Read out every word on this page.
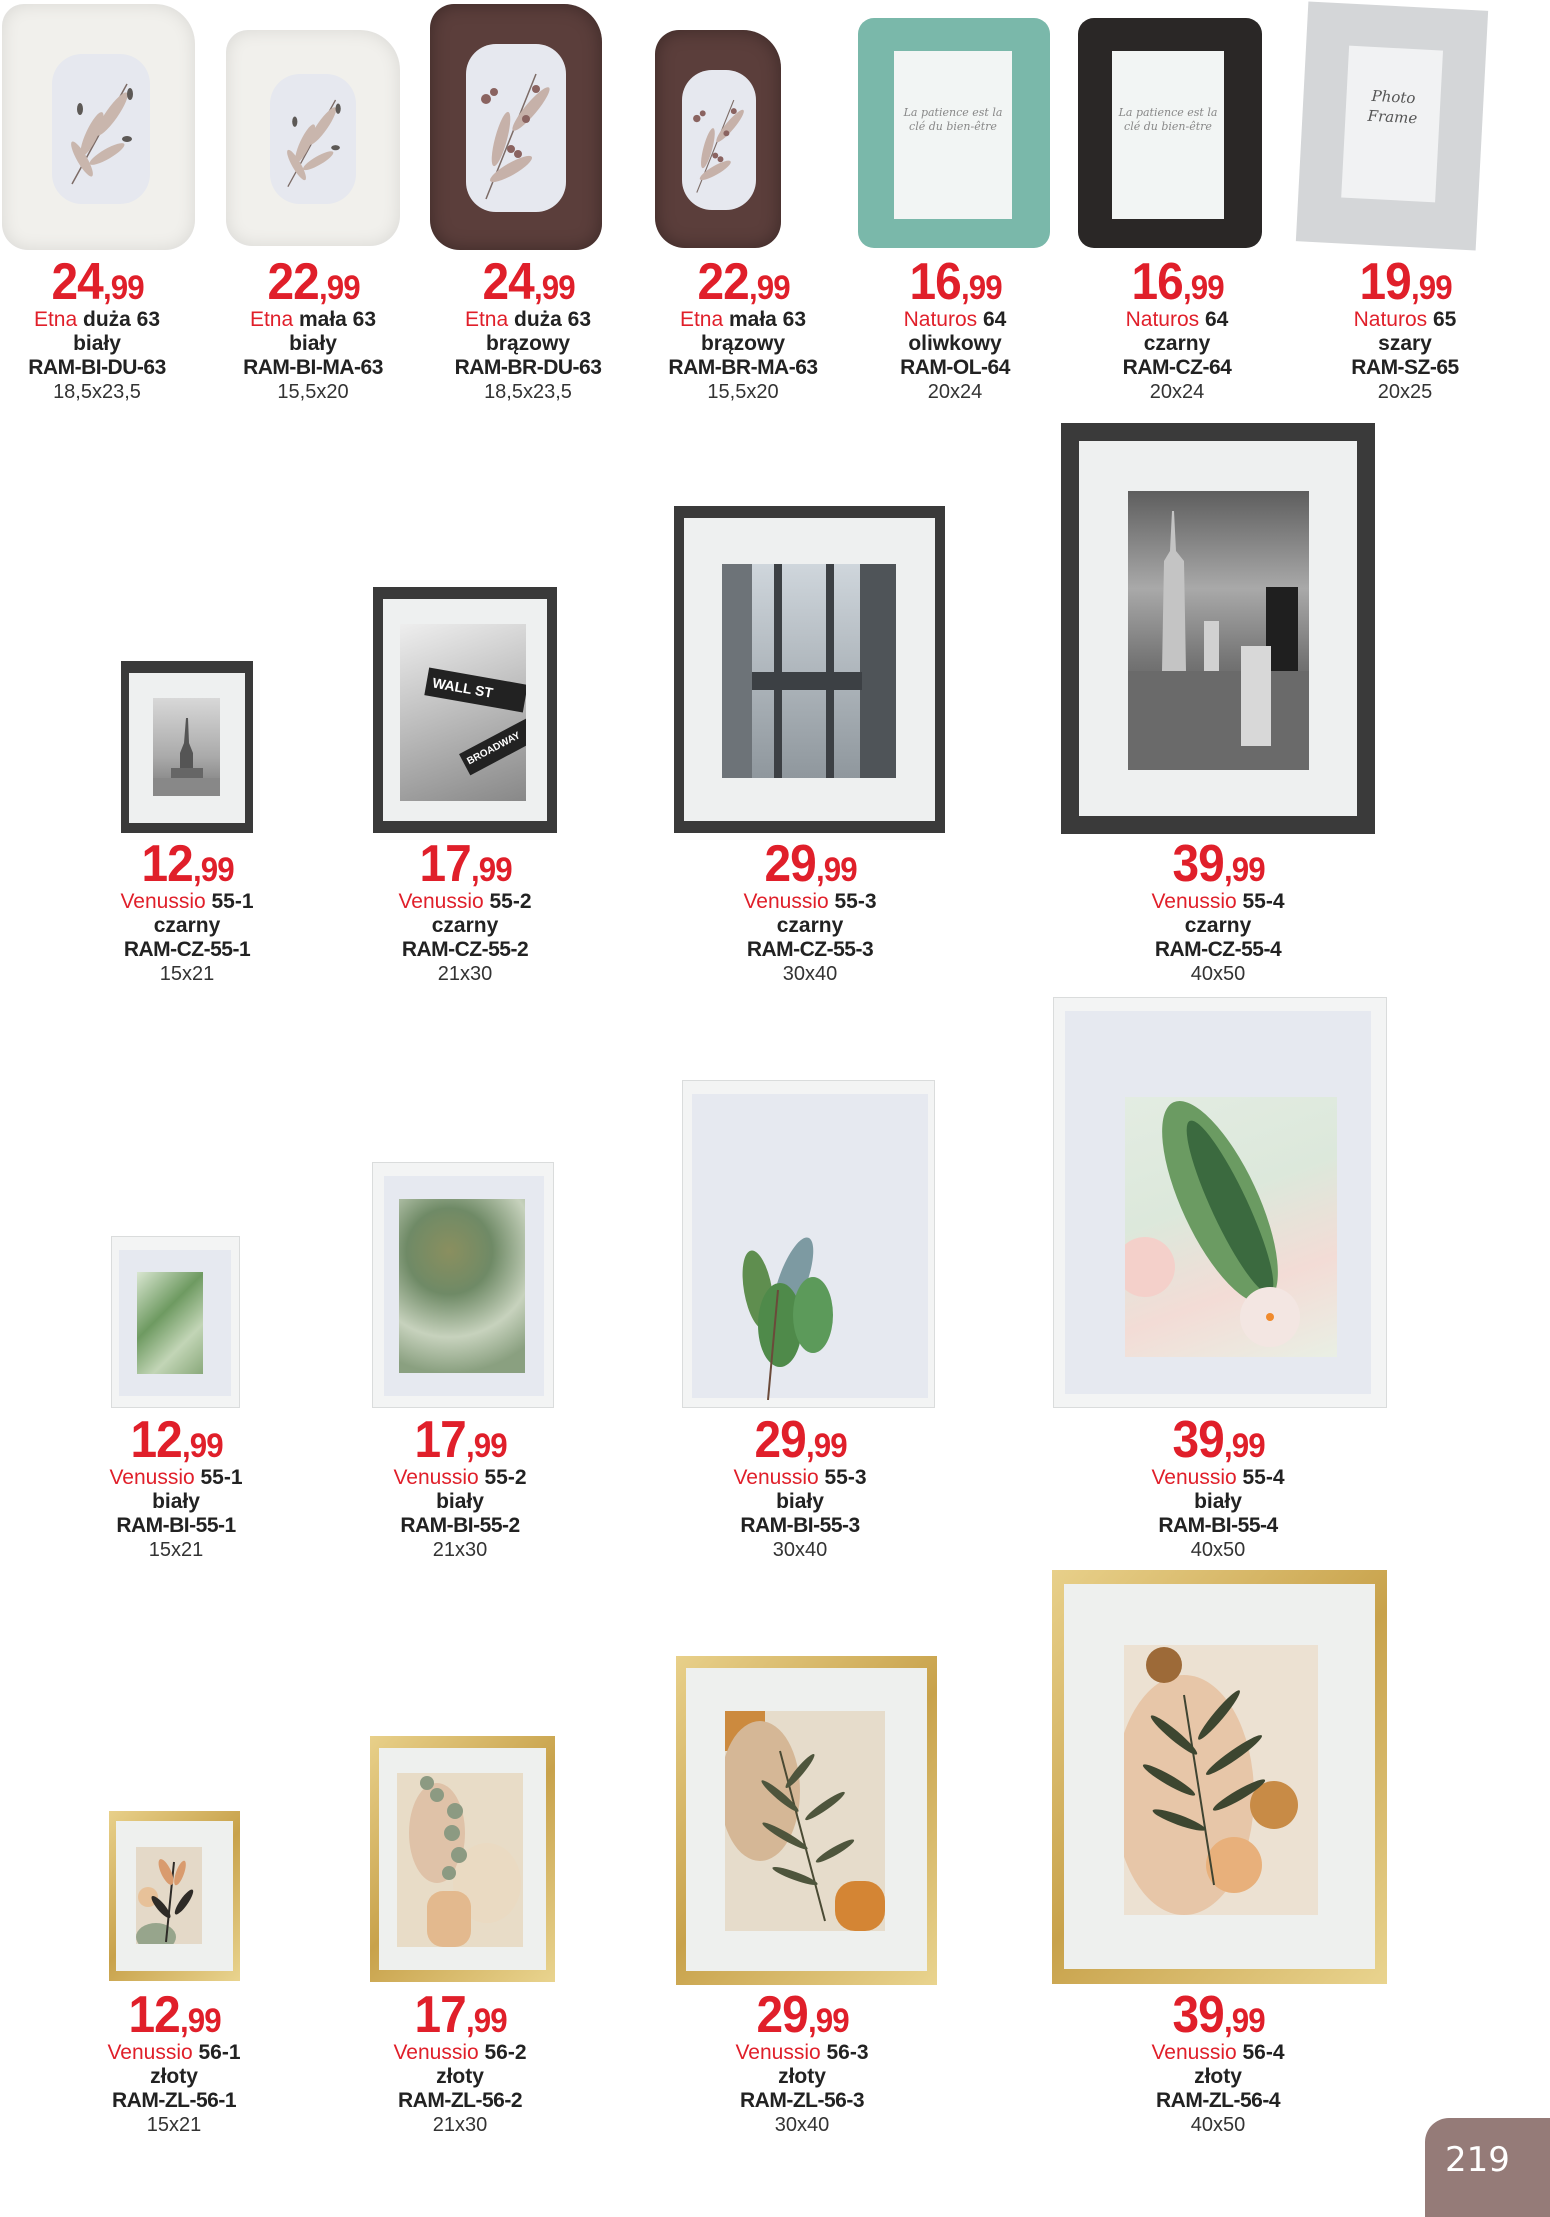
La patience est la clé du bien-être
La patience est la clé du bien-être
Photo Frame
WALL ST
BROADWAY
24,99
Etna duża 63
biały
RAM-BI-DU-63
18,5x23,5
22,99
Etna mała 63
biały
RAM-BI-MA-63
15,5x20
24,99
Etna duża 63
brązowy
RAM-BR-DU-63
18,5x23,5
22,99
Etna mała 63
brązowy
RAM-BR-MA-63
15,5x20
16,99
Naturos 64
oliwkowy
RAM-OL-64
20x24
16,99
Naturos 64
czarny
RAM-CZ-64
20x24
19,99
Naturos 65
szary
RAM-SZ-65
20x25
12,99
Venussio 55-1
czarny
RAM-CZ-55-1
15x21
17,99
Venussio 55-2
czarny
RAM-CZ-55-2
21x30
29,99
Venussio 55-3
czarny
RAM-CZ-55-3
30x40
39,99
Venussio 55-4
czarny
RAM-CZ-55-4
40x50
12,99
Venussio 55-1
biały
RAM-BI-55-1
15x21
17,99
Venussio 55-2
biały
RAM-BI-55-2
21x30
29,99
Venussio 55-3
biały
RAM-BI-55-3
30x40
39,99
Venussio 55-4
biały
RAM-BI-55-4
40x50
12,99
Venussio 56-1
złoty
RAM-ZL-56-1
15x21
17,99
Venussio 56-2
złoty
RAM-ZL-56-2
21x30
29,99
Venussio 56-3
złoty
RAM-ZL-56-3
30x40
39,99
Venussio 56-4
złoty
RAM-ZL-56-4
40x50
219
